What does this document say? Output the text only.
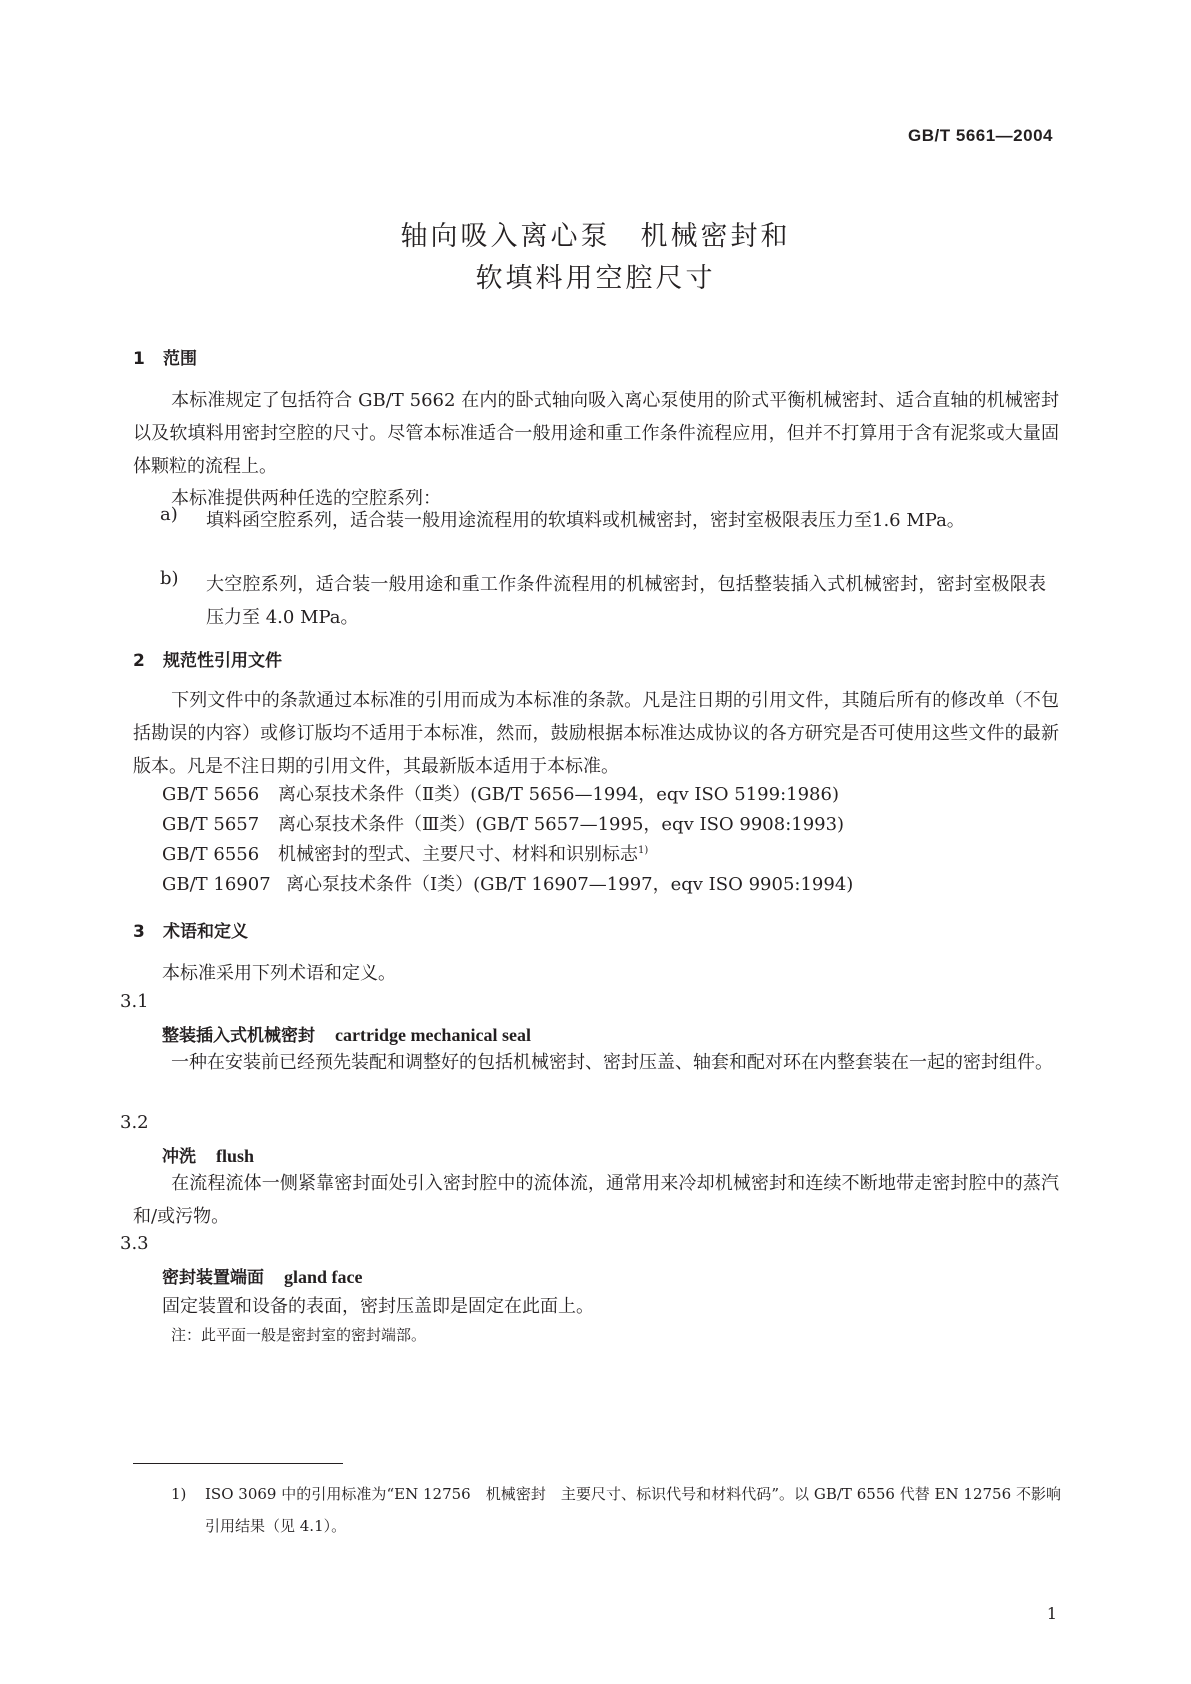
GB/T 5661—2004
轴向吸入离心泵　机械密封和
软填料用空腔尺寸
1 范围
本标准规定了包括符合 GB/T 5662 在内的卧式轴向吸入离心泵使用的阶式平衡机械密封、适合直轴的机械密封以及软填料用密封空腔的尺寸。尽管本标准适合一般用途和重工作条件流程应用，但并不打算用于含有泥浆或大量固体颗粒的流程上。
本标准提供两种任选的空腔系列：
a) 填料函空腔系列，适合装一般用途流程用的软填料或机械密封，密封室极限表压力至1.6 MPa。
b) 大空腔系列，适合装一般用途和重工作条件流程用的机械密封，包括整装插入式机械密封，密封室极限表压力至 4.0 MPa。
2 规范性引用文件
下列文件中的条款通过本标准的引用而成为本标准的条款。凡是注日期的引用文件，其随后所有的修改单（不包括勘误的内容）或修订版均不适用于本标准，然而，鼓励根据本标准达成协议的各方研究是否可使用这些文件的最新版本。凡是不注日期的引用文件，其最新版本适用于本标准。
GB/T 5656 离心泵技术条件（Ⅱ类）(GB/T 5656—1994，eqv ISO 5199:1986)
GB/T 5657 离心泵技术条件（Ⅲ类）(GB/T 5657—1995，eqv ISO 9908:1993)
GB/T 6556 机械密封的型式、主要尺寸、材料和识别标志$^{1)}$
GB/T 16907 离心泵技术条件（Ⅰ类）(GB/T 16907—1997，eqv ISO 9905:1994)
3 术语和定义
本标准采用下列术语和定义。
3.1
整装插入式机械密封 cartridge mechanical seal
一种在安装前已经预先装配和调整好的包括机械密封、密封压盖、轴套和配对环在内整套装在一起的密封组件。
3.2
冲洗 flush
在流程流体一侧紧靠密封面处引入密封腔中的流体流，通常用来冷却机械密封和连续不断地带走密封腔中的蒸汽和/或污物。
3.3
密封装置端面 gland face
固定装置和设备的表面，密封压盖即是固定在此面上。
注：此平面一般是密封室的密封端部。
1) ISO 3069 中的引用标准为“EN 12756　机械密封　主要尺寸、标识代号和材料代码”。以 GB/T 6556 代替 EN 12756 不影响引用结果（见 4.1）。
1
